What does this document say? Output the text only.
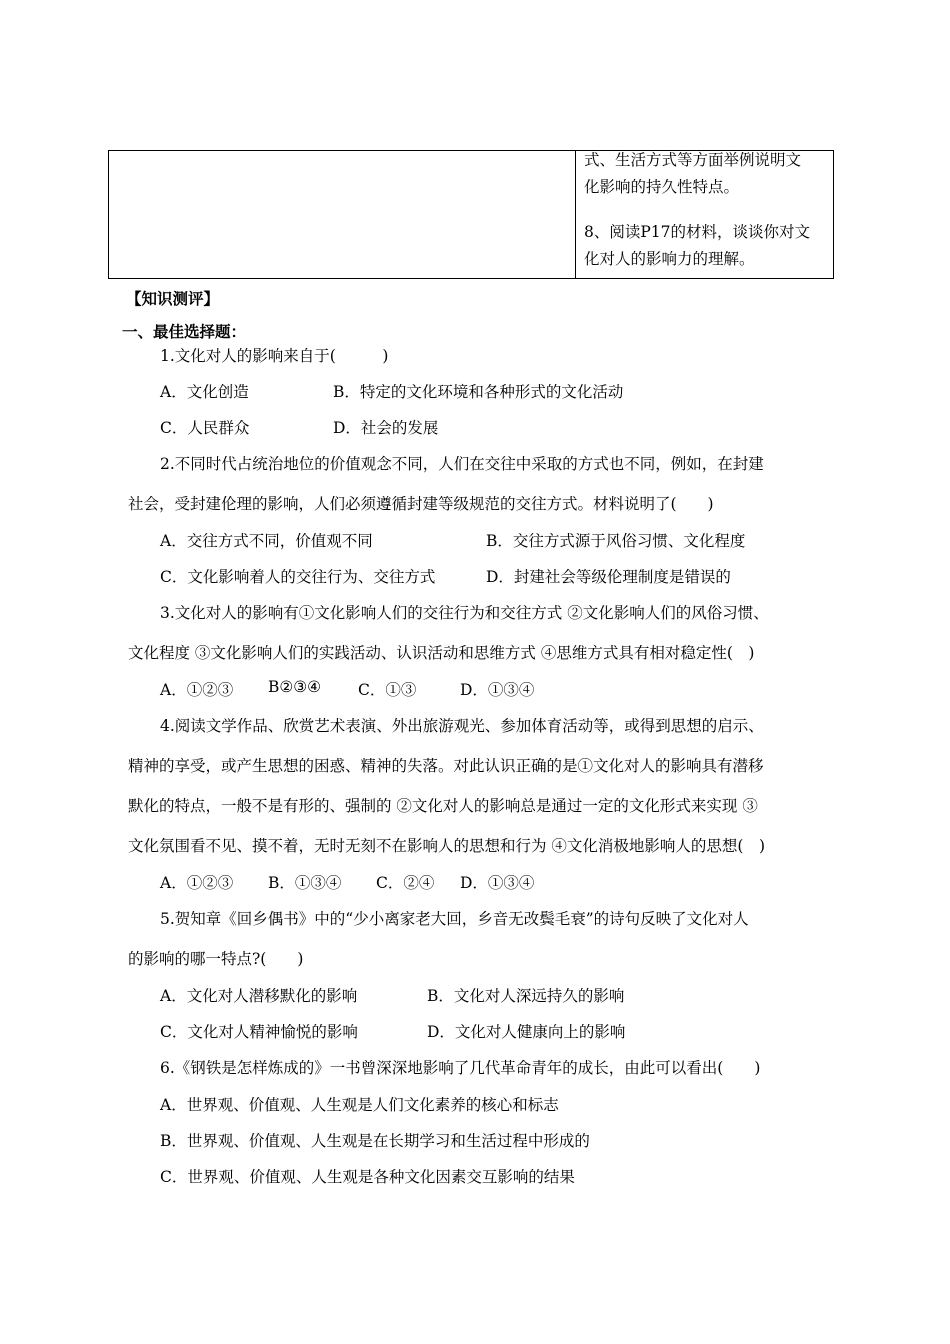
式、生活方式等方面举例说明文
化影响的持久性特点。
8、阅读P17的材料，谈谈你对文
化对人的影响力的理解。
【知识测评】
一、最佳选择题：
1.文化对人的影响来自于(　　　)
A．文化创造	B．特定的文化环境和各种形式的文化活动
C．人民群众	D．社会的发展
2.不同时代占统治地位的价值观念不同，人们在交往中采取的方式也不同，例如，在封建
社会，受封建伦理的影响，人们必须遵循封建等级规范的交往方式。材料说明了(　　)
A．交往方式不同，价值观不同	B．交往方式源于风俗习惯、文化程度
C．文化影响着人的交往行为、交往方式	D．封建社会等级伦理制度是错误的
3.文化对人的影响有①文化影响人们的交往行为和交往方式 ②文化影响人们的风俗习惯、
文化程度 ③文化影响人们的实践活动、认识活动和思维方式 ④思维方式具有相对稳定性(　)
A．①②③ B②③④ C．①③	D．①③④
4.阅读文学作品、欣赏艺术表演、外出旅游观光、参加体育活动等，或得到思想的启示、
精神的享受，或产生思想的困惑、精神的失落。对此认识正确的是①文化对人的影响具有潜移
默化的特点，一般不是有形的、强制的 ②文化对人的影响总是通过一定的文化形式来实现 ③
文化氛围看不见、摸不着，无时无刻不在影响人的思想和行为 ④文化消极地影响人的思想(　)
A．①②③ B．①③④ C．②④ D．①③④
5.贺知章《回乡偶书》中的“少小离家老大回，乡音无改鬓毛衰”的诗句反映了文化对人
的影响的哪一特点?(　　)
A．文化对人潜移默化的影响	B．文化对人深远持久的影响
C．文化对人精神愉悦的影响	D．文化对人健康向上的影响
6.《钢铁是怎样炼成的》一书曾深深地影响了几代革命青年的成长，由此可以看出(　　)
A．世界观、价值观、人生观是人们文化素养的核心和标志
B．世界观、价值观、人生观是在长期学习和生活过程中形成的
C．世界观、价值观、人生观是各种文化因素交互影响的结果
